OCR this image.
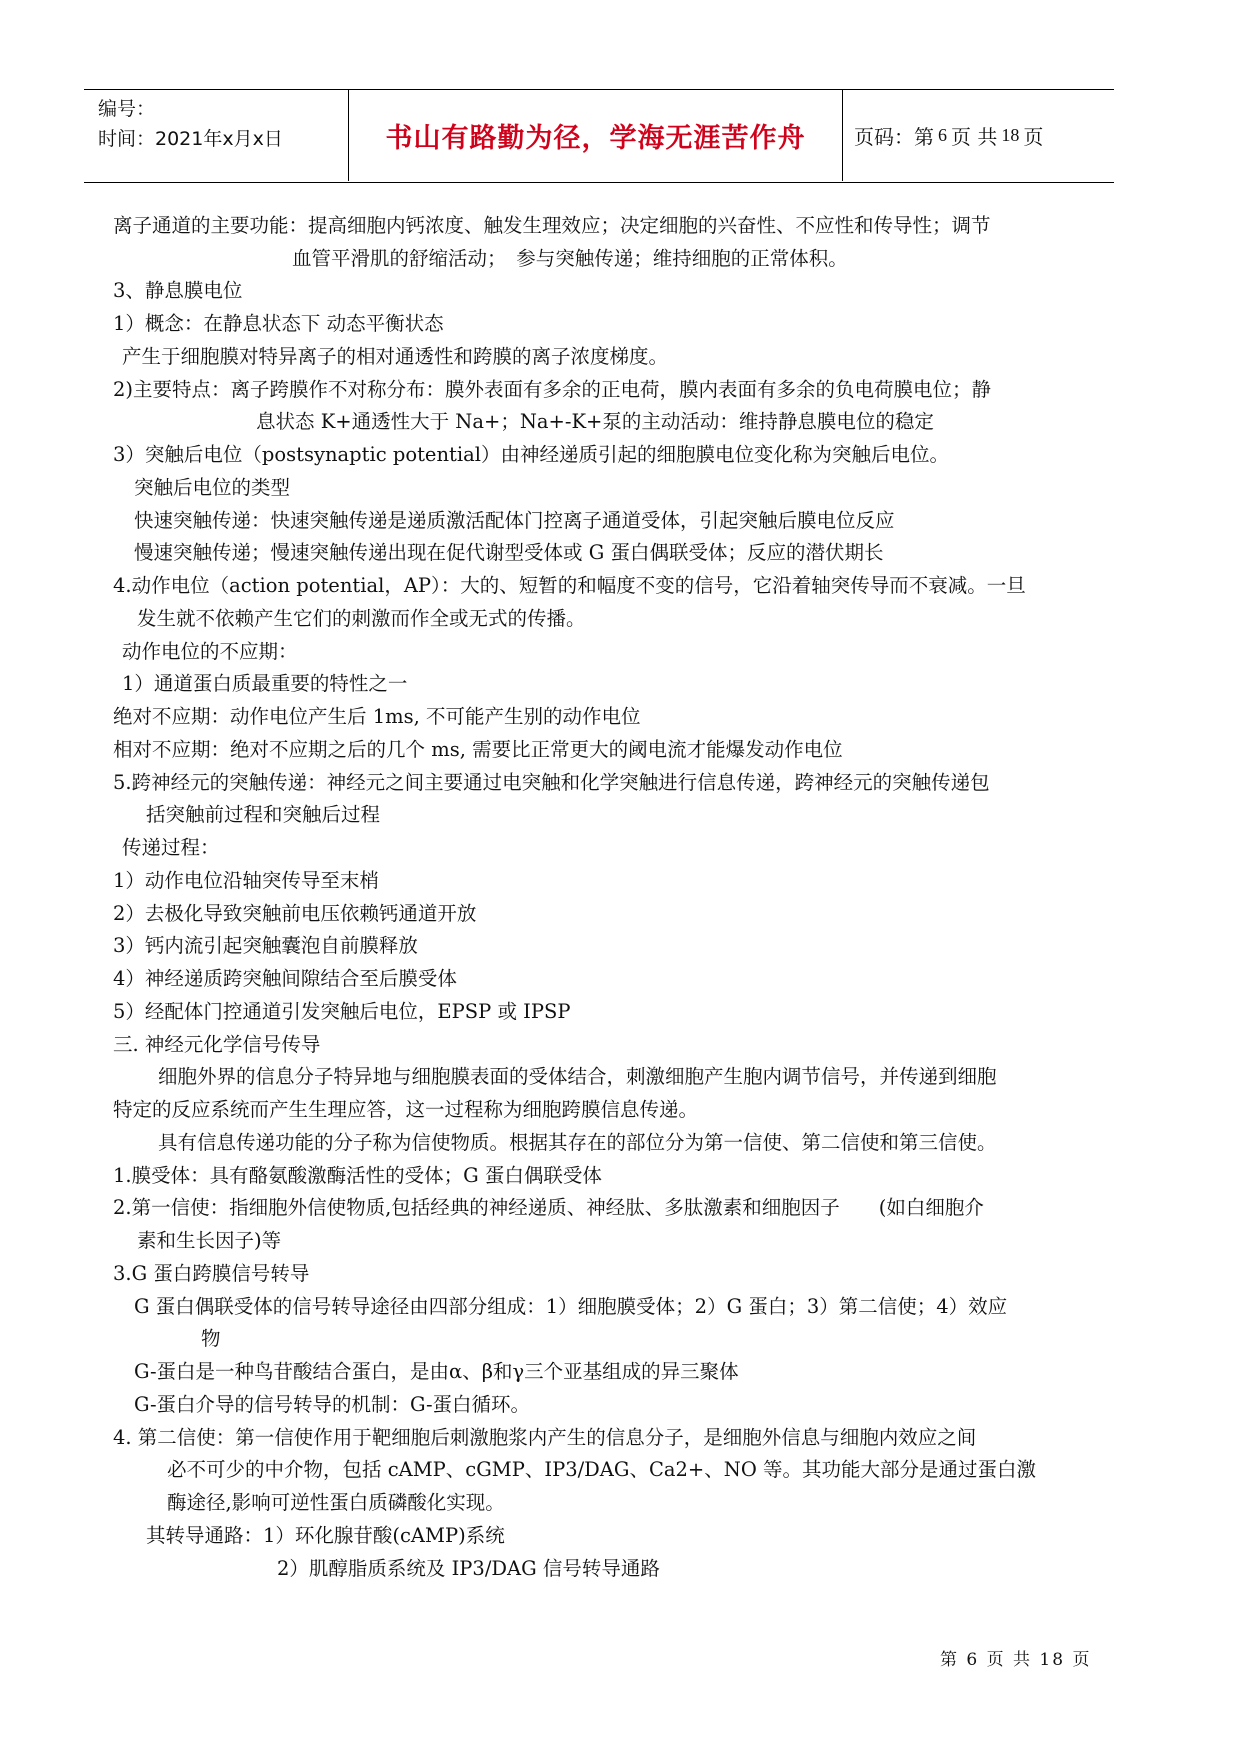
编号：
时间：2021年x月x日	书山有路勤为径，学海无涯苦作舟	页码：第 6 页 共 18 页
离子通道的主要功能：提高细胞内钙浓度、触发生理效应；决定细胞的兴奋性、不应性和传导性；调节
血管平滑肌的舒缩活动；　参与突触传递；维持细胞的正常体积。
3、静息膜电位
1）概念：在静息状态下 动态平衡状态
产生于细胞膜对特异离子的相对通透性和跨膜的离子浓度梯度。
2)主要特点：离子跨膜作不对称分布：膜外表面有多余的正电荷，膜内表面有多余的负电荷膜电位；静
息状态 K+通透性大于 Na+；Na+-K+泵的主动活动：维持静息膜电位的稳定
3）突触后电位（postsynaptic potential）由神经递质引起的细胞膜电位变化称为突触后电位。
突触后电位的类型
快速突触传递：快速突触传递是递质激活配体门控离子通道受体，引起突触后膜电位反应
慢速突触传递；慢速突触传递出现在促代谢型受体或 G 蛋白偶联受体；反应的潜伏期长
4.动作电位（action potential，AP）：大的、短暂的和幅度不变的信号，它沿着轴突传导而不衰减。一旦
发生就不依赖产生它们的刺激而作全或无式的传播。
动作电位的不应期：
1）通道蛋白质最重要的特性之一
绝对不应期：动作电位产生后 1ms, 不可能产生别的动作电位
相对不应期：绝对不应期之后的几个 ms, 需要比正常更大的阈电流才能爆发动作电位
5.跨神经元的突触传递：神经元之间主要通过电突触和化学突触进行信息传递，跨神经元的突触传递包
括突触前过程和突触后过程
传递过程：
1）动作电位沿轴突传导至末梢
2）去极化导致突触前电压依赖钙通道开放
3）钙内流引起突触囊泡自前膜释放
4）神经递质跨突触间隙结合至后膜受体
5）经配体门控通道引发突触后电位，EPSP 或 IPSP
三. 神经元化学信号传导
细胞外界的信息分子特异地与细胞膜表面的受体结合，刺激细胞产生胞内调节信号，并传递到细胞
特定的反应系统而产生生理应答，这一过程称为细胞跨膜信息传递。
具有信息传递功能的分子称为信使物质。根据其存在的部位分为第一信使、第二信使和第三信使。
1.膜受体：具有酪氨酸激酶活性的受体；G 蛋白偶联受体
2.第一信使：指细胞外信使物质,包括经典的神经递质、神经肽、多肽激素和细胞因子　　(如白细胞介
素和生长因子)等
3.G 蛋白跨膜信号转导
G 蛋白偶联受体的信号转导途径由四部分组成：1）细胞膜受体；2）G 蛋白；3）第二信使；4）效应
物
G-蛋白是一种鸟苷酸结合蛋白，是由α、β和γ三个亚基组成的异三聚体
G-蛋白介导的信号转导的机制：G-蛋白循环。
4. 第二信使：第一信使作用于靶细胞后刺激胞浆内产生的信息分子，是细胞外信息与细胞内效应之间
必不可少的中介物，包括 cAMP、cGMP、IP3/DAG、Ca2+、NO 等。其功能大部分是通过蛋白激
酶途径,影响可逆性蛋白质磷酸化实现。
其转导通路：1）环化腺苷酸(cAMP)系统
2）肌醇脂质系统及 IP3/DAG 信号转导通路
第 6 页 共 18 页
